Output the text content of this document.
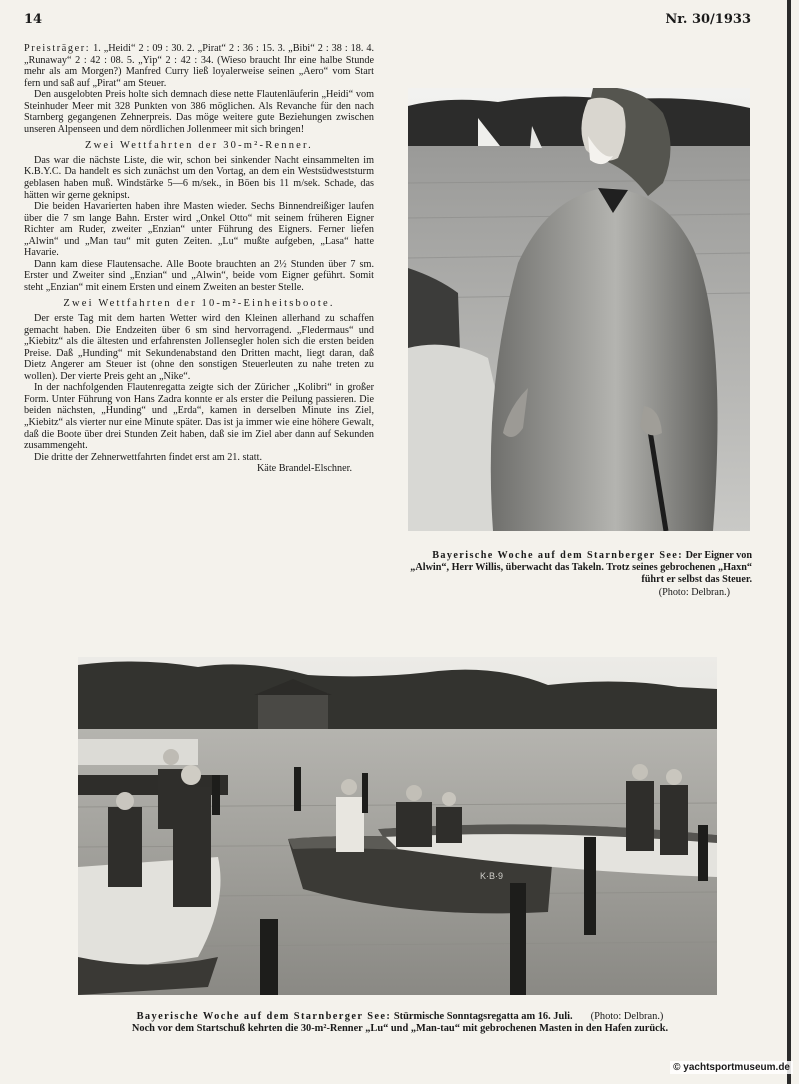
14	Nr. 30/1933

Preisträger: 1. „Heidi“ 2 : 09 : 30. 2. „Pirat“ 2 : 36 : 15. 3. „Bibi“ 2 : 38 : 18. 4. „Runaway“ 2 : 42 : 08. 5. „Yip“ 2 : 42 : 34. (Wieso braucht Ihr eine halbe Stunde mehr als am Morgen?) Manfred Curry ließ loyalerweise seinen „Aero“ vom Start fern und saß auf „Pirat“ am Steuer.

Den ausgelobten Preis holte sich demnach diese nette Flautenläuferin „Heidi“ vom Steinhuder Meer mit 328 Punkten von 386 möglichen. Als Revanche für den nach Starnberg gegangenen Zehnerpreis. Das möge weitere gute Beziehungen zwischen unseren Alpenseen und dem nördlichen Jollenmeer mit sich bringen!

Zwei Wettfahrten der 30-m²-Renner.

Das war die nächste Liste, die wir, schon bei sinkender Nacht einsammelten im K.B.Y.C. Da handelt es sich zunächst um den Vortag, an dem ein Westsüdweststurm geblasen haben muß. Windstärke 5—6 m/sek., in Böen bis 11 m/sek. Schade, das hätten wir gerne geknipst.

Die beiden Havarierten haben ihre Masten wieder. Sechs Binnendreißiger laufen über die 7 sm lange Bahn. Erster wird „Onkel Otto“ mit seinem früheren Eigner Richter am Ruder, zweiter „Enzian“ unter Führung des Eigners. Ferner liefen „Alwin“ und „Man tau“ mit guten Zeiten. „Lu“ mußte aufgeben, „Lasa“ hatte Havarie.

Dann kam diese Flautensache. Alle Boote brauchten an 2½ Stunden über 7 sm. Erster und Zweiter sind „Enzian“ und „Alwin“, beide vom Eigner geführt. Somit steht „Enzian“ mit einem Ersten und einem Zweiten an bester Stelle.

Zwei Wettfahrten der 10-m²-Einheitsboote.

Der erste Tag mit dem harten Wetter wird den Kleinen allerhand zu schaffen gemacht haben. Die Endzeiten über 6 sm sind hervorragend. „Fledermaus“ und „Kiebitz“ als die ältesten und erfahrensten Jollensegler holen sich die ersten beiden Preise. Daß „Hunding“ mit Sekundenabstand den Dritten macht, liegt daran, daß Dietz Angerer am Steuer ist (ohne den sonstigen Steuerleuten zu nahe treten zu wollen). Der vierte Preis geht an „Nike“.

In der nachfolgenden Flautenregatta zeigte sich der Züricher „Kolibri“ in großer Form. Unter Führung von Hans Zadra konnte er als erster die Peilung passieren. Die beiden nächsten, „Hunding“ und „Erda“, kamen in derselben Minute ins Ziel, „Kiebitz“ als vierter nur eine Minute später. Das ist ja immer wie eine höhere Gewalt, daß die Boote über drei Stunden Zeit haben, daß sie im Ziel aber dann auf Sekunden zusammengeht.

Die dritte der Zehnerwettfahrten findet erst am 21. statt.

Käte Brandel-Elschner.

Bayerische Woche auf dem Starnberger See: Der Eigner von „Alwin“, Herr Willis, überwacht das Takeln. Trotz seines gebrochenen „Haxn“ führt er selbst das Steuer.
(Photo: Delbran.)
K·B·9
Bayerische Woche auf dem Starnberger See: Stürmische Sonntagsregatta am 16. Juli. (Photo: Delbran.)
Noch vor dem Startschuß kehrten die 30-m²-Renner „Lu“ und „Man-tau“ mit gebrochenen Masten in den Hafen zurück.
© yachtsportmuseum.de
